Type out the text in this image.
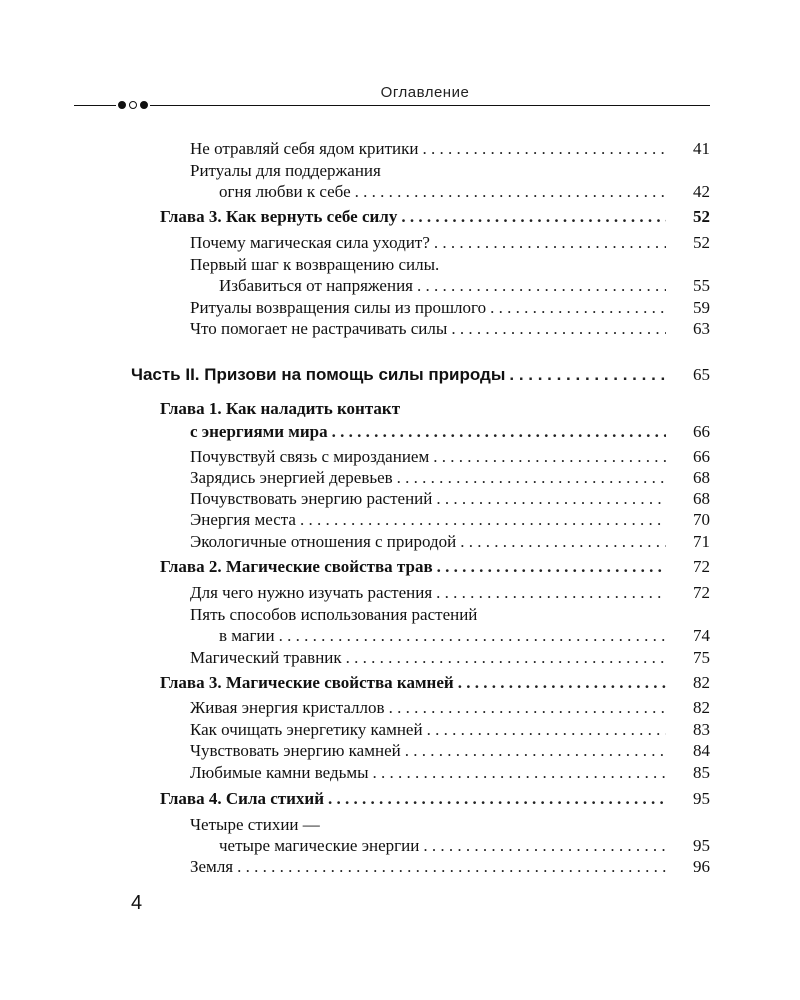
Оглавление
Не отравляй себя ядом критики . . .	41
Ритуалы для поддержания
огня любви к себе . . .	42
Глава 3. Как вернуть себе силу . . .	52
Почему магическая сила уходит? . . .	52
Первый шаг к возвращению силы.
Избавиться от напряжения . . .	55
Ритуалы возвращения силы из прошлого . . .	59
Что помогает не растрачивать силы . . .	63
Часть II. Призови на помощь силы природы . . .	65
Глава 1. Как наладить контакт
с энергиями мира . . .	66
Почувствуй связь с мирозданием . . .	66
Зарядись энергией деревьев . . .	68
Почувствовать энергию растений . . .	68
Энергия места . . .	70
Экологичные отношения с природой . . .	71
Глава 2. Магические свойства трав . . .	72
Для чего нужно изучать растения . . .	72
Пять способов использования растений
в магии . . .	74
Магический травник . . .	75
Глава 3. Магические свойства камней . . .	82
Живая энергия кристаллов . . .	82
Как очищать энергетику камней . . .	83
Чувствовать энергию камней . . .	84
Любимые камни ведьмы . . .	85
Глава 4. Сила стихий . . .	95
Четыре стихии —
четыре магические энергии . . .	95
Земля . . .	96
4
